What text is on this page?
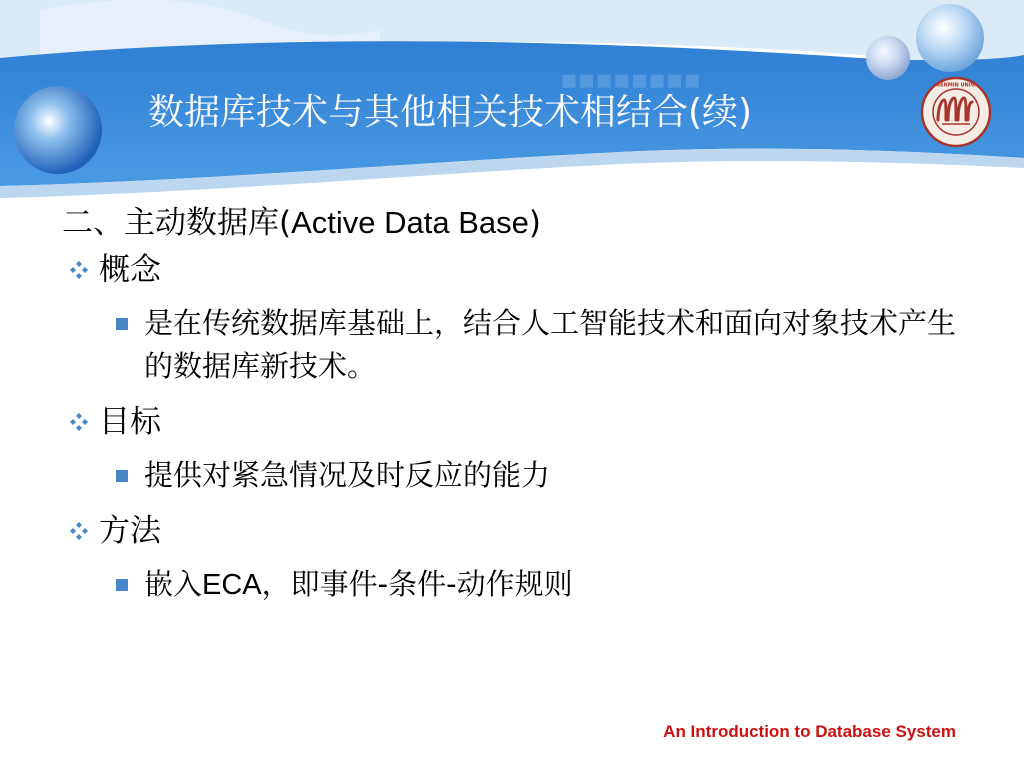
▪▪▪▪▪▪▪▪
数据库技术与其他相关技术相结合(续)
RENMIN UNIV.
二、主动数据库(Active Data Base)
概念
是在传统数据库基础上，结合人工智能技术和面向对象技术产生的数据库新技术。
目标
提供对紧急情况及时反应的能力
方法
嵌入ECA，即事件-条件-动作规则
An Introduction to Database System
